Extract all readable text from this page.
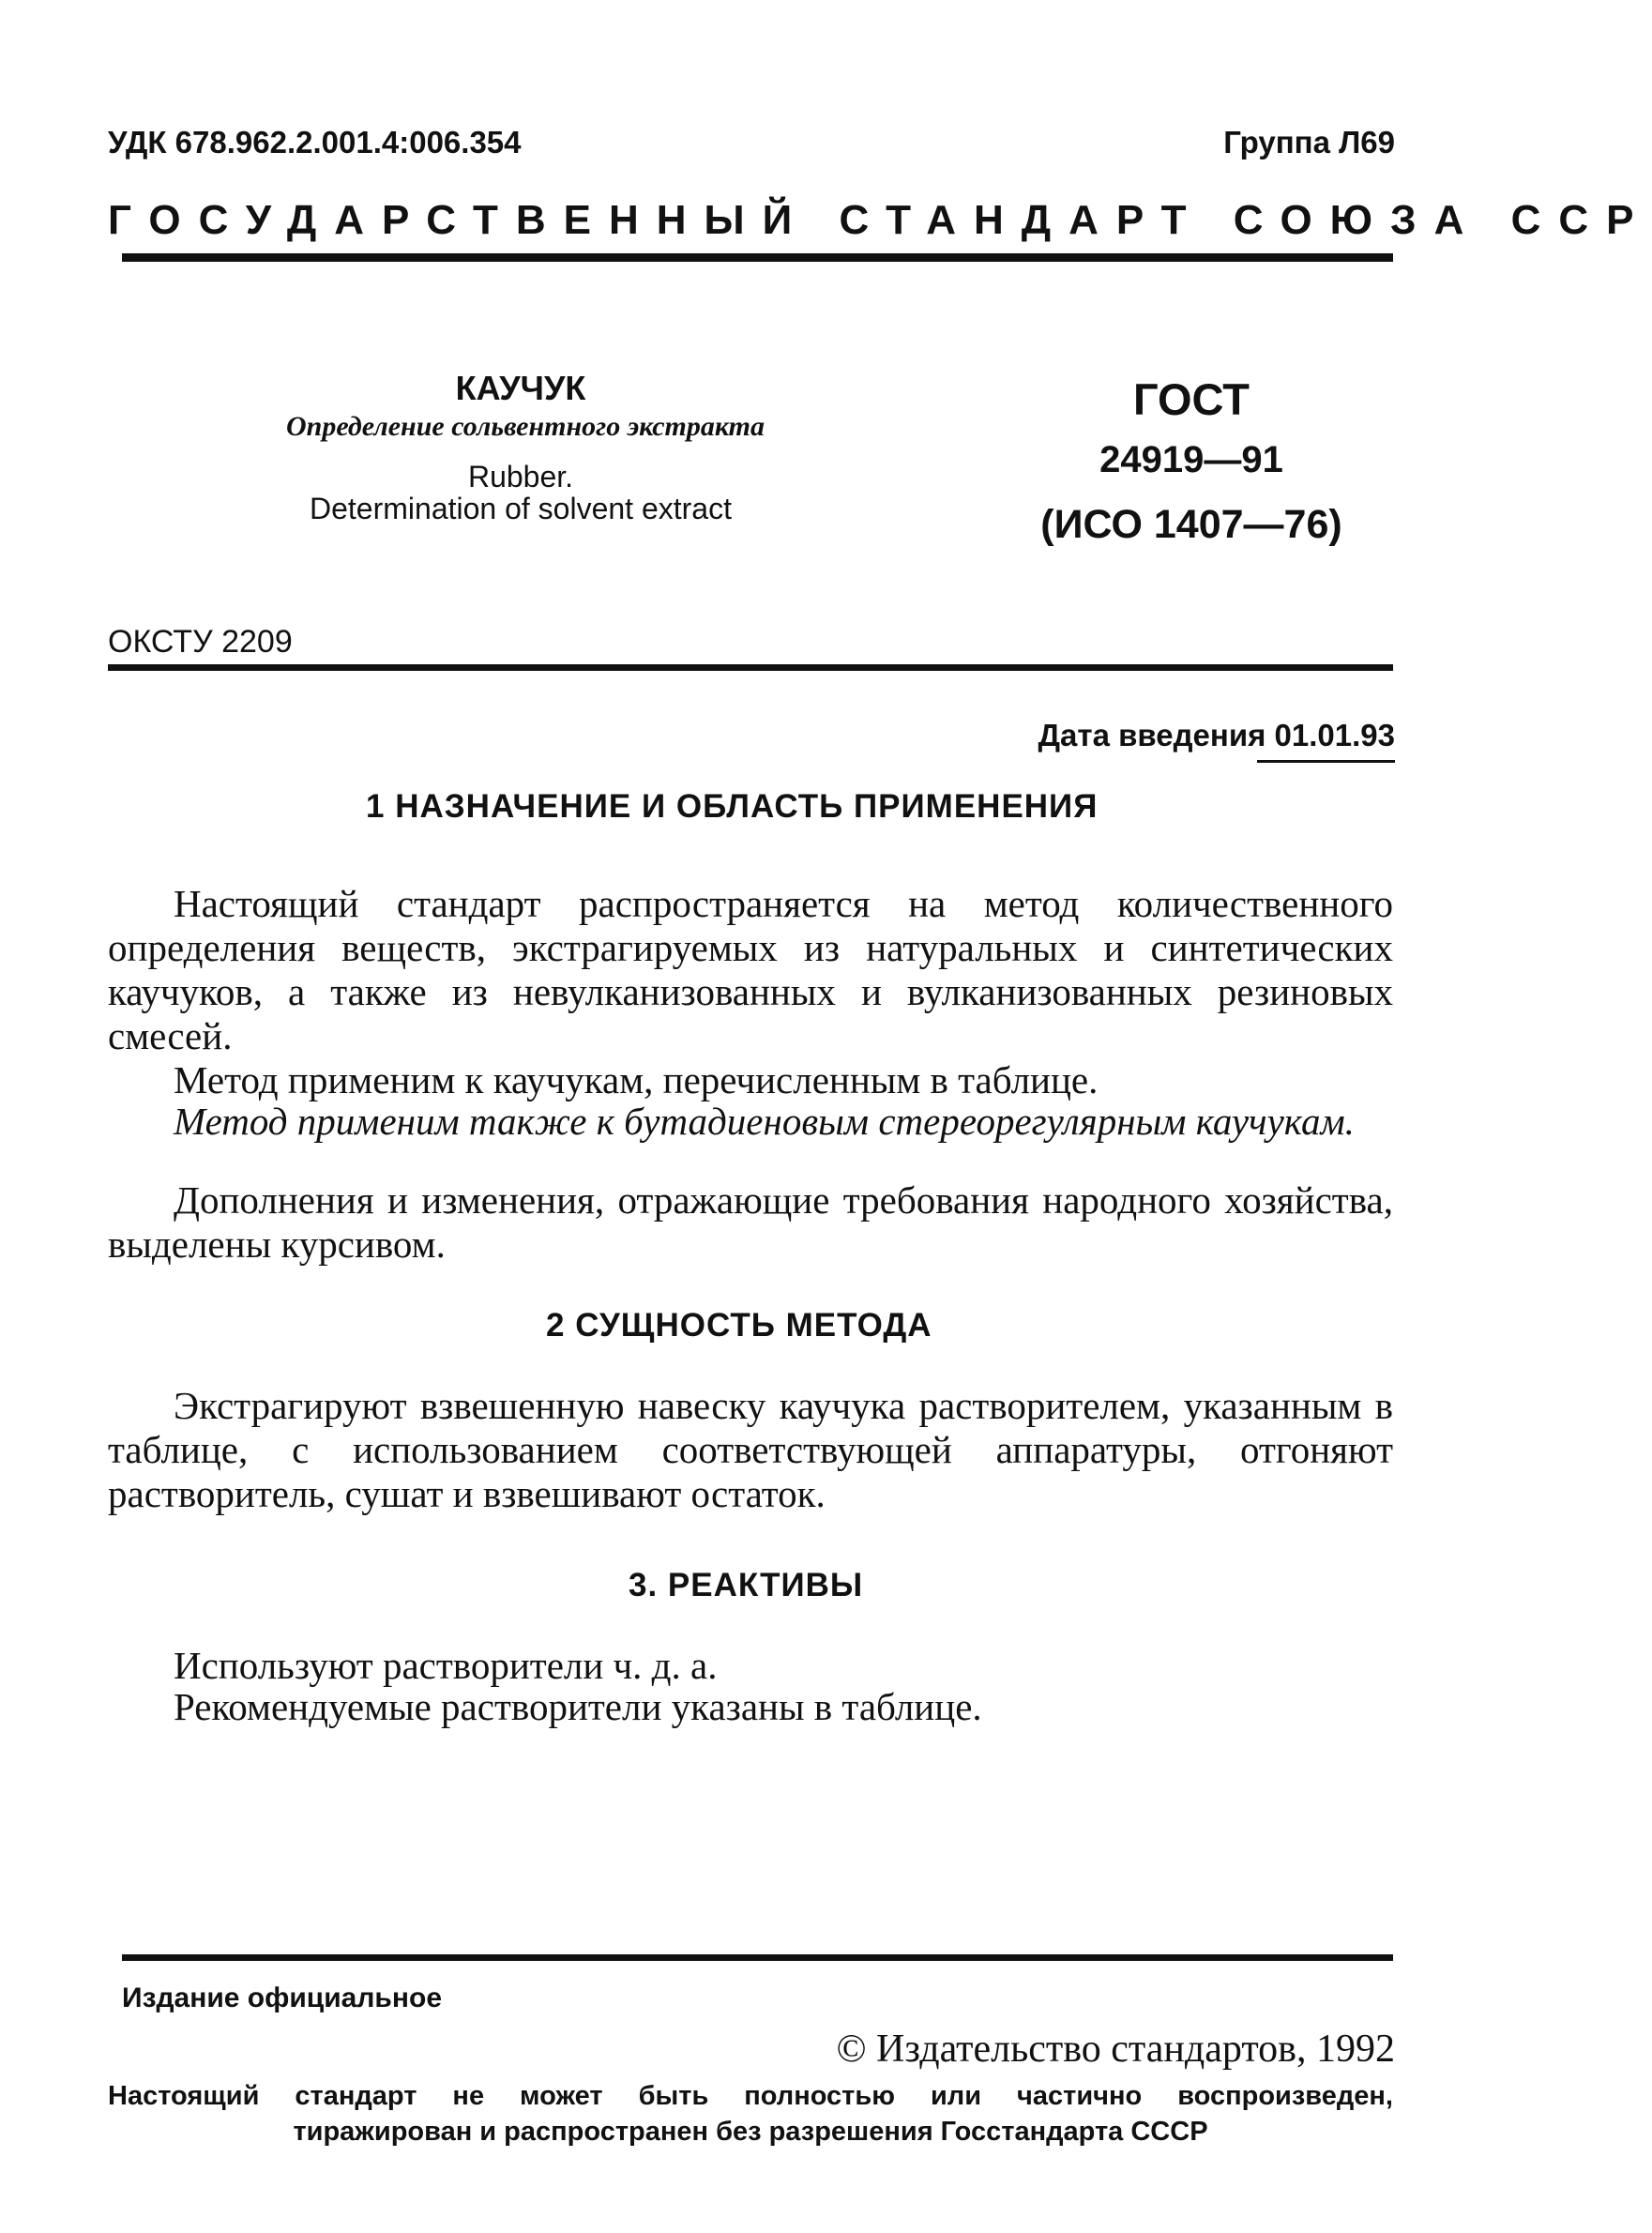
УДК 678.962.2.001.4:006.354	Группа Л69
ГОСУДАРСТВЕННЫЙ СТАНДАРТ СОЮЗА ССР
КАУЧУК
Определение сольвентного экстракта
Rubber.
Determination of solvent extract
ГОСТ
24919—91
(ИСО 1407—76)
ОКСТУ 2209
Дата введения 01.01.93
1 НАЗНАЧЕНИЕ И ОБЛАСТЬ ПРИМЕНЕНИЯ

Настоящий стандарт распространяется на метод количественного определения веществ, экстрагируемых из натуральных и синтетических каучуков, а также из невулканизованных и вулканизованных резиновых смесей.

Метод применим к каучукам, перечисленным в таблице.

Метод применим также к бутадиеновым стереорегулярным каучукам.

Дополнения и изменения, отражающие требования народного хозяйства, выделены курсивом.

2 СУЩНОСТЬ МЕТОДА

Экстрагируют взвешенную навеску каучука растворителем, указанным в таблице, с использованием соответствующей аппаратуры, отгоняют растворитель, сушат и взвешивают остаток.

3. РЕАКТИВЫ

Используют растворители ч. д. а.

Рекомендуемые растворители указаны в таблице.

Издание официальное
© Издательство стандартов, 1992
Настоящий стандарт не может быть полностью или частично воспроизведен,
тиражирован и распространен без разрешения Госстандарта СССР
